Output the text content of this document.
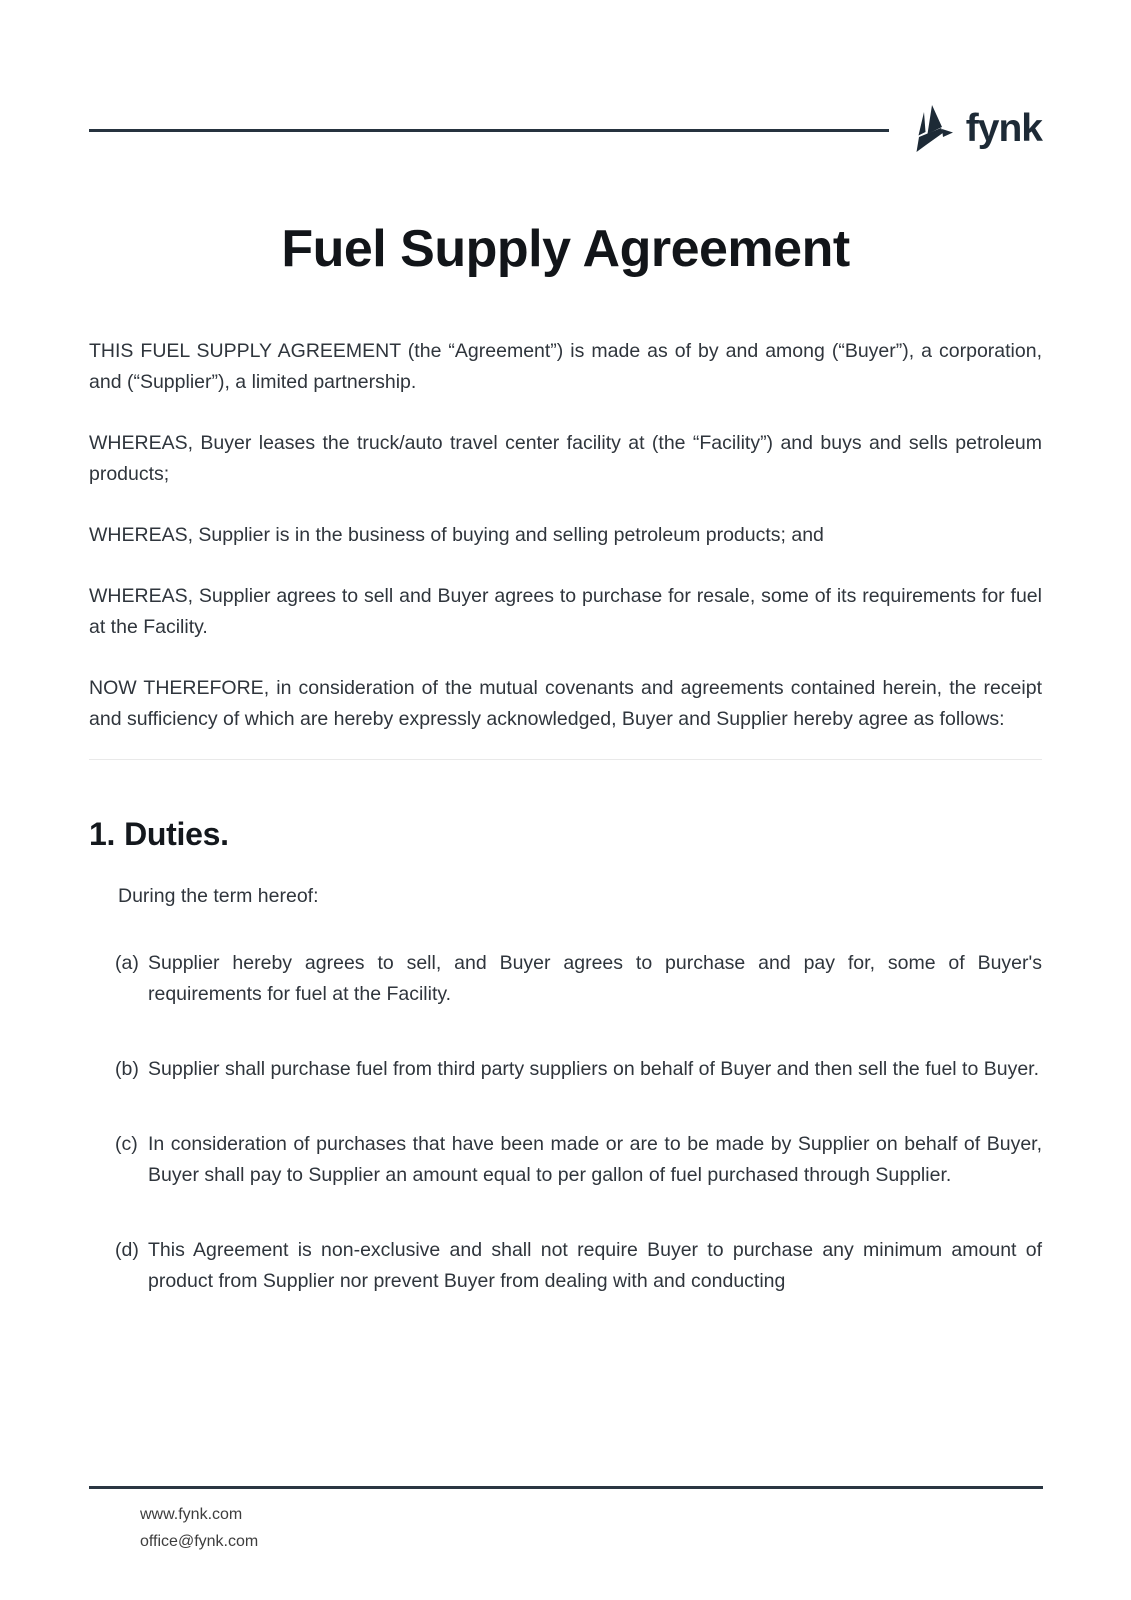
fynk
Fuel Supply Agreement

THIS FUEL SUPPLY AGREEMENT (the “Agreement”) is made as of by and among (“Buyer”), a corporation, and (“Supplier”), a limited partnership.

WHEREAS, Buyer leases the truck/auto travel center facility at (the “Facility”) and buys and sells petroleum products;

WHEREAS, Supplier is in the business of buying and selling petroleum products; and

WHEREAS, Supplier agrees to sell and Buyer agrees to purchase for resale, some of its requirements for fuel at the Facility.

NOW THEREFORE, in consideration of the mutual covenants and agreements contained herein, the receipt and sufficiency of which are hereby expressly acknowledged, Buyer and Supplier hereby agree as follows:

1. Duties.

During the term hereof:

(a) Supplier hereby agrees to sell, and Buyer agrees to purchase and pay for, some of Buyer's requirements for fuel at the Facility.
(b) Supplier shall purchase fuel from third party suppliers on behalf of Buyer and then sell the fuel to Buyer.
(c) In consideration of purchases that have been made or are to be made by Supplier on behalf of Buyer, Buyer shall pay to Supplier an amount equal to per gallon of fuel purchased through Supplier.
(d) This Agreement is non-exclusive and shall not require Buyer to purchase any minimum amount of product from Supplier nor prevent Buyer from dealing with and conducting
www.fynk.com
office@fynk.com
